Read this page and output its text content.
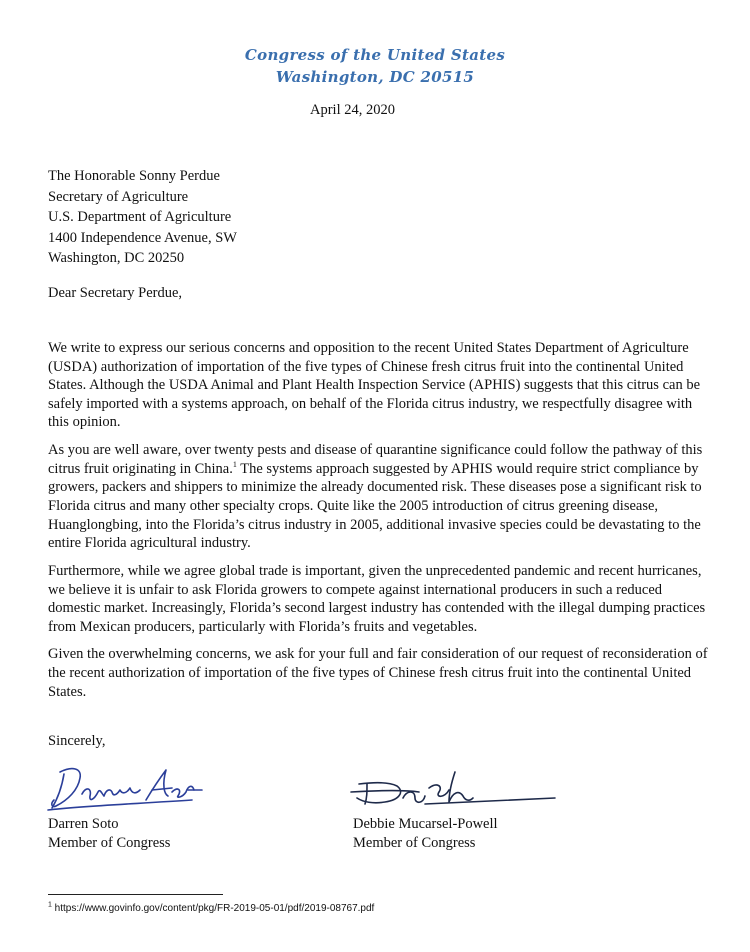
Congress of the United States
Washington, DC 20515
April 24, 2020
The Honorable Sonny Perdue
Secretary of Agriculture
U.S. Department of Agriculture
1400 Independence Avenue, SW
Washington, DC 20250
Dear Secretary Perdue,

We write to express our serious concerns and opposition to the recent United States Department of Agriculture (USDA) authorization of importation of the five types of Chinese fresh citrus fruit into the continental United States. Although the USDA Animal and Plant Health Inspection Service (APHIS) suggests that this citrus can be safely imported with a systems approach, on behalf of the Florida citrus industry, we respectfully disagree with this opinion.

As you are well aware, over twenty pests and disease of quarantine significance could follow the pathway of this citrus fruit originating in China.$^1$ The systems approach suggested by APHIS would require strict compliance by growers, packers and shippers to minimize the already documented risk. These diseases pose a significant risk to Florida citrus and many other specialty crops. Quite like the 2005 introduction of citrus greening disease, Huanglongbing, into the Florida’s citrus industry in 2005, additional invasive species could be devastating to the entire Florida agricultural industry.

Furthermore, while we agree global trade is important, given the unprecedented pandemic and recent hurricanes, we believe it is unfair to ask Florida growers to compete against international producers in such a reduced domestic market. Increasingly, Florida’s second largest industry has contended with the illegal dumping practices from Mexican producers, particularly with Florida’s fruits and vegetables.

Given the overwhelming concerns, we ask for your full and fair consideration of our request of reconsideration of the recent authorization of importation of the five types of Chinese fresh citrus fruit into the continental United States.

Sincerely,
Darren Soto
Member of Congress
Debbie Mucarsel-Powell
Member of Congress
$^1$ https://www.govinfo.gov/content/pkg/FR-2019-05-01/pdf/2019-08767.pdf
